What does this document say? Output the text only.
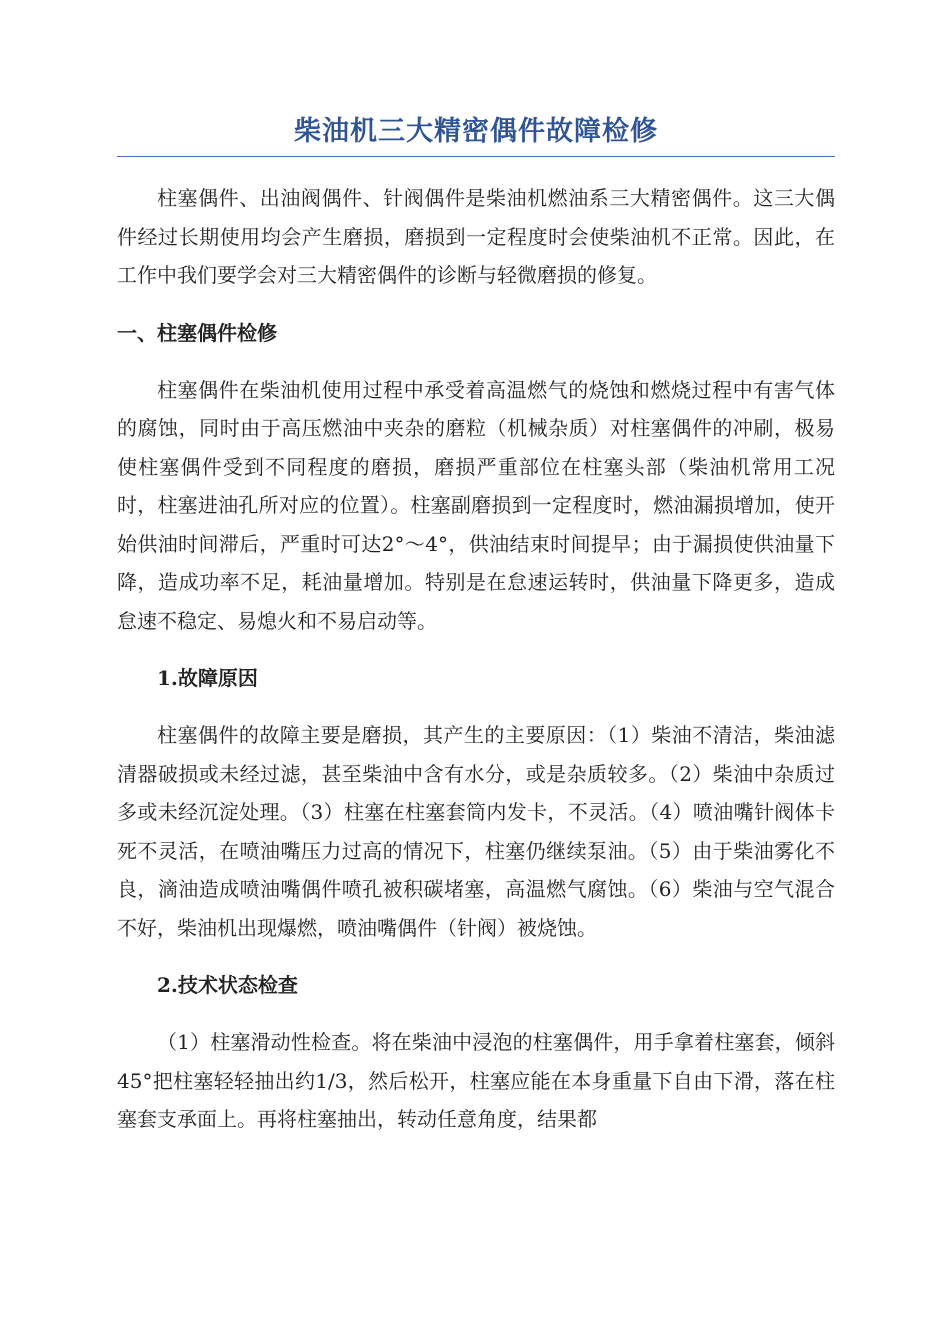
柴油机三大精密偶件故障检修

柱塞偶件、出油阀偶件、针阀偶件是柴油机燃油系三大精密偶件。这三大偶件经过长期使用均会产生磨损，磨损到一定程度时会使柴油机不正常。因此，在工作中我们要学会对三大精密偶件的诊断与轻微磨损的修复。

一、柱塞偶件检修

柱塞偶件在柴油机使用过程中承受着高温燃气的烧蚀和燃烧过程中有害气体的腐蚀，同时由于高压燃油中夹杂的磨粒（机械杂质）对柱塞偶件的冲刷，极易使柱塞偶件受到不同程度的磨损，磨损严重部位在柱塞头部（柴油机常用工况时，柱塞进油孔所对应的位置）。柱塞副磨损到一定程度时，燃油漏损增加，使开始供油时间滞后，严重时可达2°～4°，供油结束时间提早；由于漏损使供油量下降，造成功率不足，耗油量增加。特别是在怠速运转时，供油量下降更多，造成怠速不稳定、易熄火和不易启动等。

1.故障原因

柱塞偶件的故障主要是磨损，其产生的主要原因：（1）柴油不清洁，柴油滤清器破损或未经过滤，甚至柴油中含有水分，或是杂质较多。（2）柴油中杂质过多或未经沉淀处理。（3）柱塞在柱塞套筒内发卡，不灵活。（4）喷油嘴针阀体卡死不灵活，在喷油嘴压力过高的情况下，柱塞仍继续泵油。（5）由于柴油雾化不良，滴油造成喷油嘴偶件喷孔被积碳堵塞，高温燃气腐蚀。（6）柴油与空气混合不好，柴油机出现爆燃，喷油嘴偶件（针阀）被烧蚀。

2.技术状态检查

（1）柱塞滑动性检查。将在柴油中浸泡的柱塞偶件，用手拿着柱塞套，倾斜45°把柱塞轻轻抽出约1/3，然后松开，柱塞应能在本身重量下自由下滑，落在柱塞套支承面上。再将柱塞抽出，转动任意角度，结果都
